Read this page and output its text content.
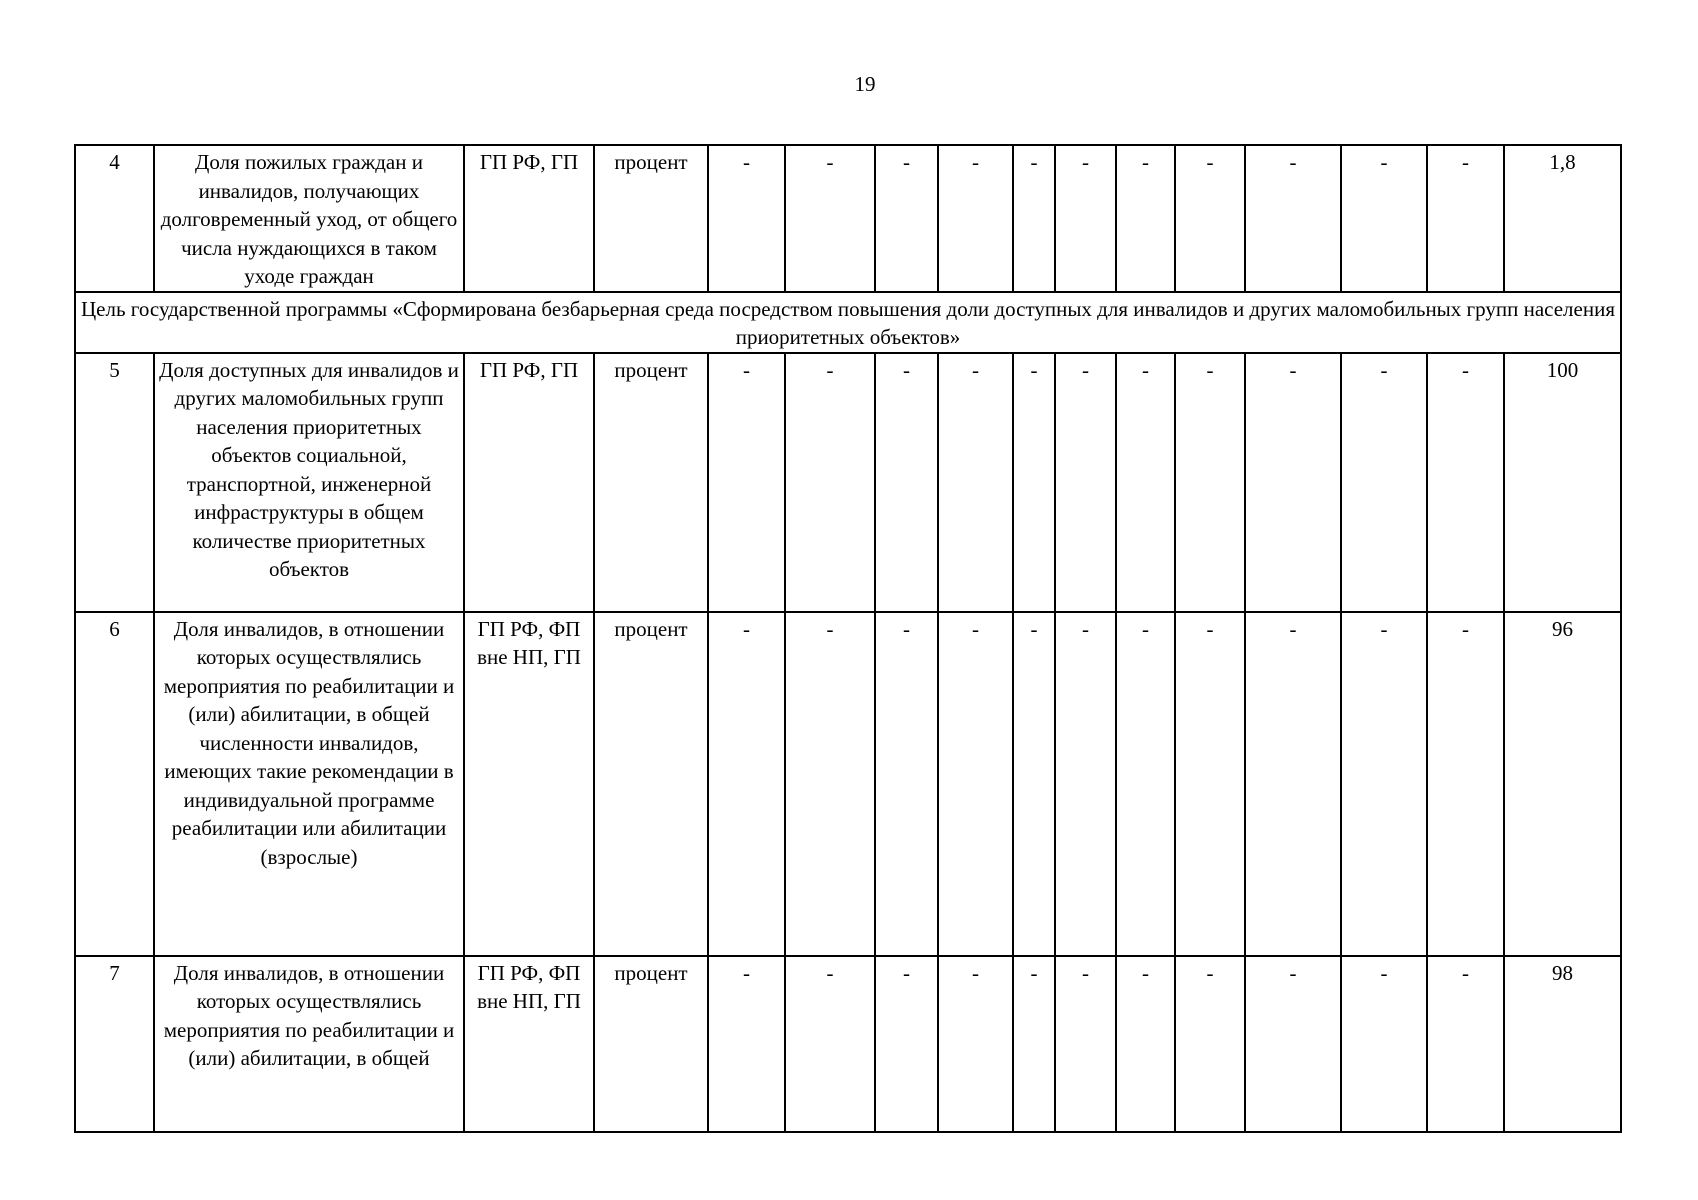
19
4	Доля пожилых граждан и инвалидов, получающих долговременный уход, от общего числа нуждающихся в таком уходе граждан	ГП РФ, ГП	процент	-	-	-	-	-	-	-	-	-	-	-	1,8
Цель государственной программы «Сформирована безбарьерная среда посредством повышения доли доступных для инвалидов и других маломобильных групп населения приоритетных объектов»															
5	Доля доступных для инвалидов и других маломобильных групп населения приоритетных объектов социальной, транспортной, инженерной инфраструктуры в общем количестве приоритетных объектов	ГП РФ, ГП	процент	-	-	-	-	-	-	-	-	-	-	-	100
6	Доля инвалидов, в отношении которых осуществлялись мероприятия по реабилитации и (или) абилитации, в общей численности инвалидов, имеющих такие рекомендации в индивидуальной программе реабилитации или абилитации (взрослые)	ГП РФ, ФП вне НП, ГП	процент	-	-	-	-	-	-	-	-	-	-	-	96
7	Доля инвалидов, в отношении которых осуществлялись мероприятия по реабилитации и (или) абилитации, в общей	ГП РФ, ФП вне НП, ГП	процент	-	-	-	-	-	-	-	-	-	-	-	98
